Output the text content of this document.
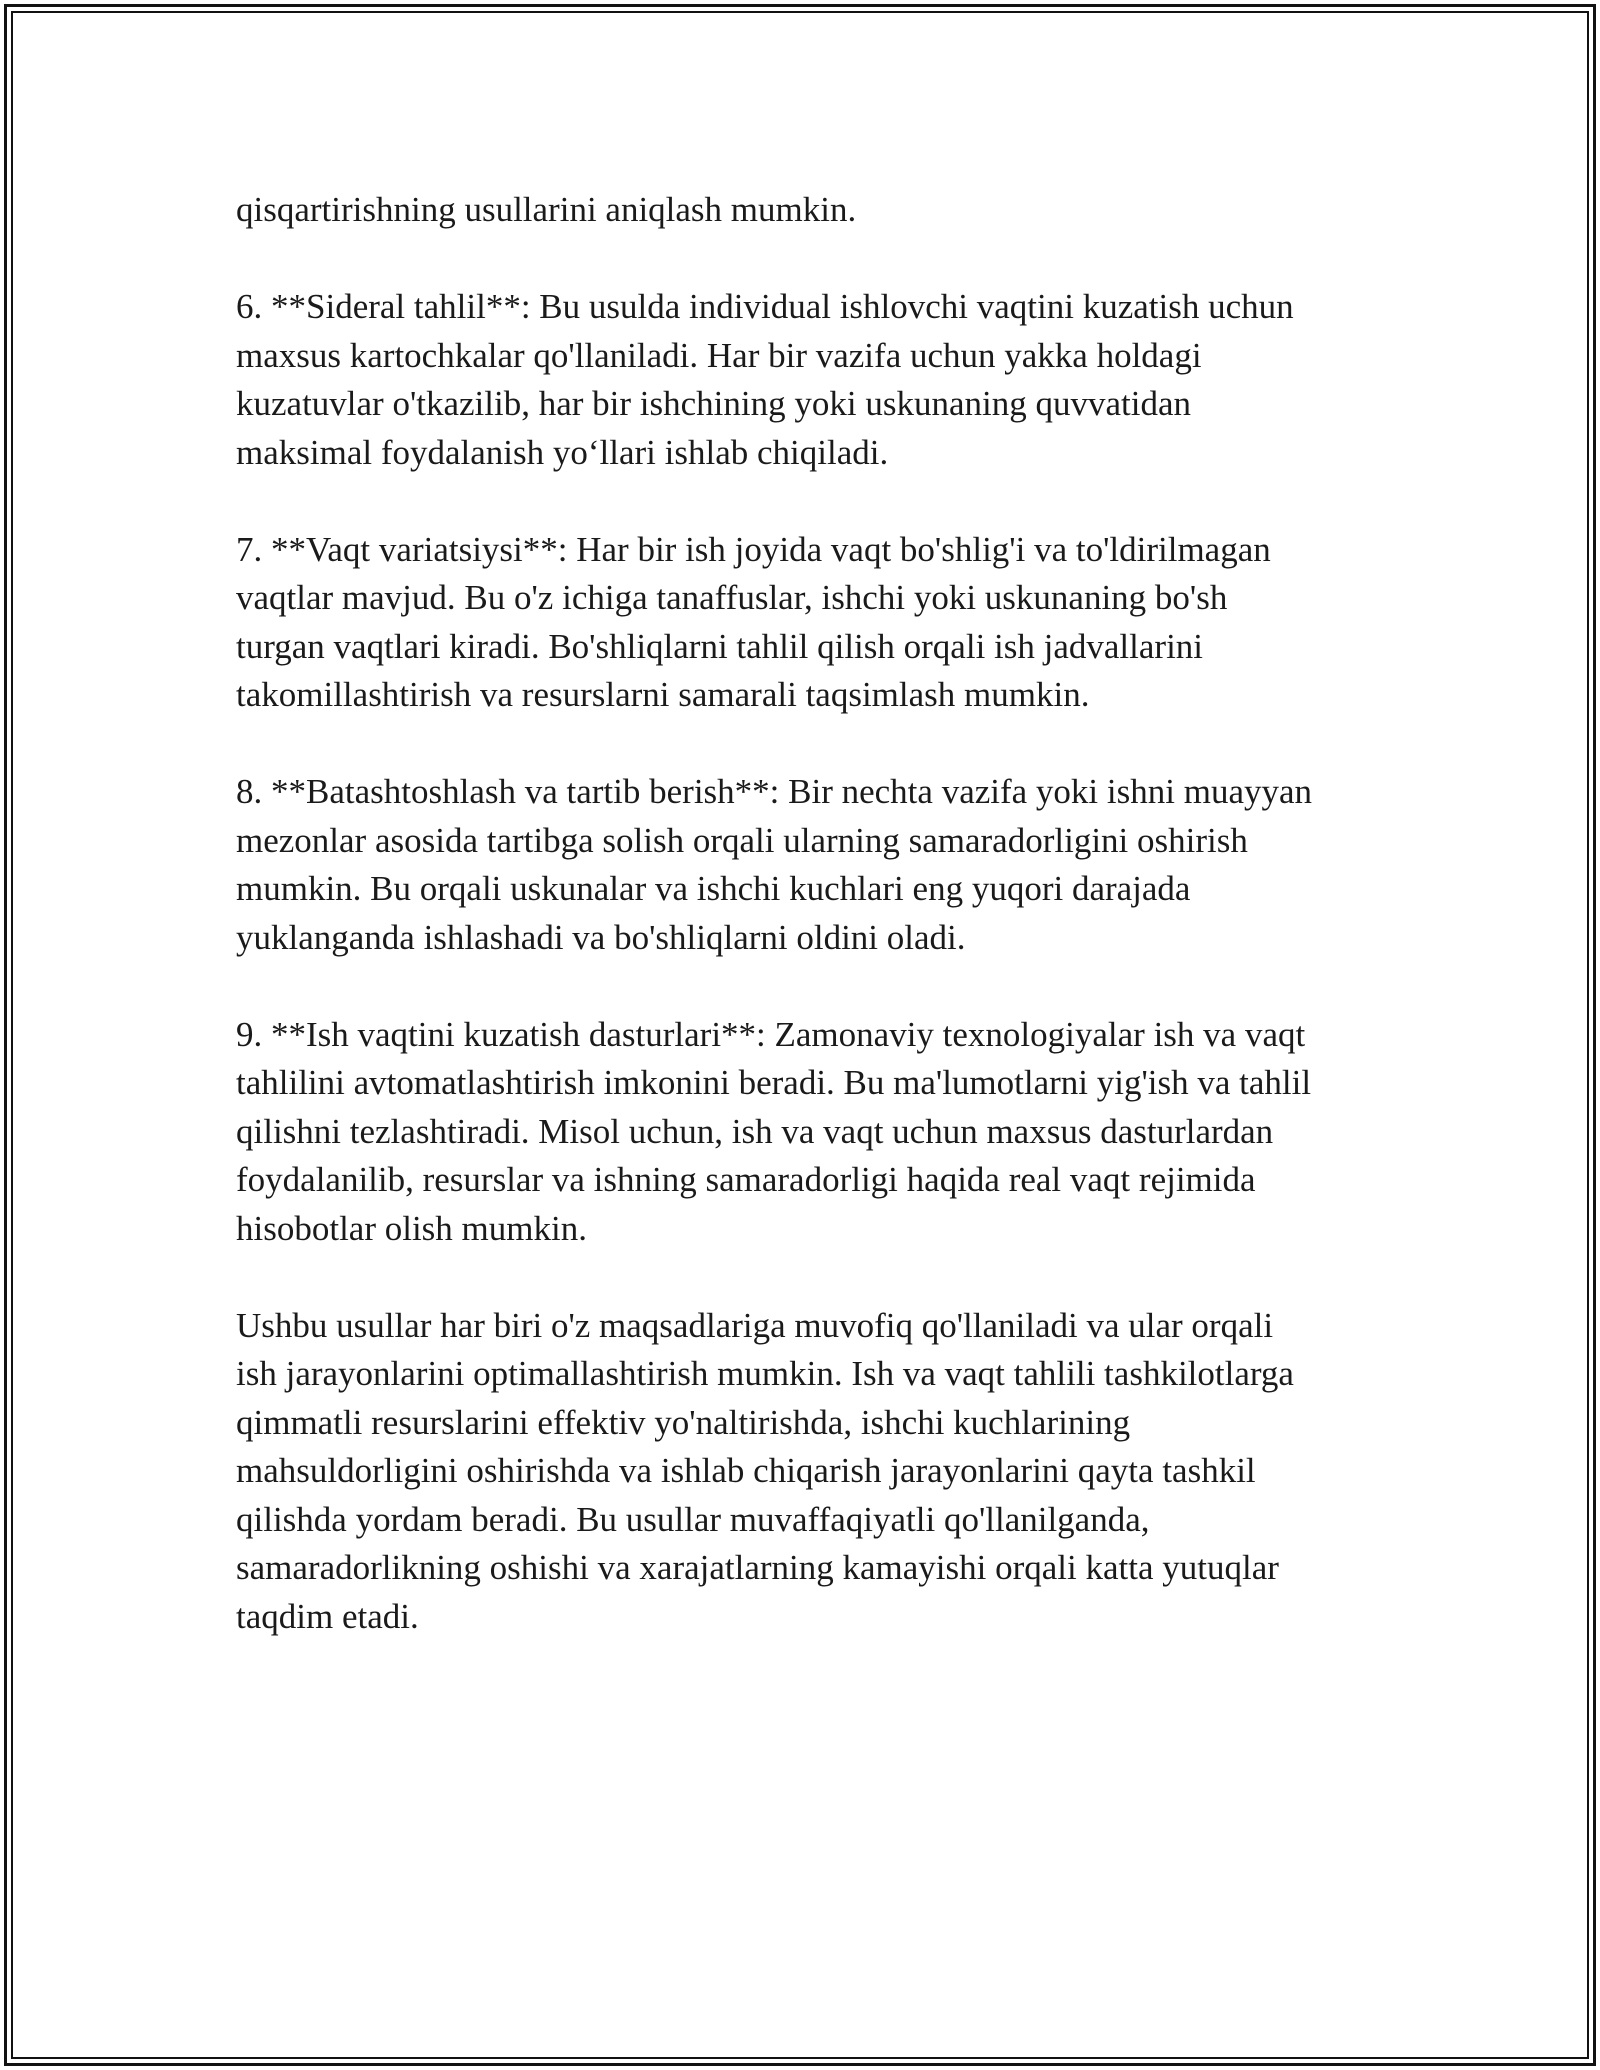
qisqartirishning usullarini aniqlash mumkin.

6. **Sideral tahlil**: Bu usulda individual ishlovchi vaqtini kuzatish uchun
maxsus kartochkalar qo'llaniladi. Har bir vazifa uchun yakka holdagi
kuzatuvlar o'tkazilib, har bir ishchining yoki uskunaning quvvatidan
maksimal foydalanish yo‘llari ishlab chiqiladi.

7. **Vaqt variatsiysi**: Har bir ish joyida vaqt bo'shlig'i va to'ldirilmagan
vaqtlar mavjud. Bu o'z ichiga tanaffuslar, ishchi yoki uskunaning bo'sh
turgan vaqtlari kiradi. Bo'shliqlarni tahlil qilish orqali ish jadvallarini
takomillashtirish va resurslarni samarali taqsimlash mumkin.

8. **Batashtoshlash va tartib berish**: Bir nechta vazifa yoki ishni muayyan
mezonlar asosida tartibga solish orqali ularning samaradorligini oshirish
mumkin. Bu orqali uskunalar va ishchi kuchlari eng yuqori darajada
yuklanganda ishlashadi va bo'shliqlarni oldini oladi.

9. **Ish vaqtini kuzatish dasturlari**: Zamonaviy texnologiyalar ish va vaqt
tahlilini avtomatlashtirish imkonini beradi. Bu ma'lumotlarni yig'ish va tahlil
qilishni tezlashtiradi. Misol uchun, ish va vaqt uchun maxsus dasturlardan
foydalanilib, resurslar va ishning samaradorligi haqida real vaqt rejimida
hisobotlar olish mumkin.

Ushbu usullar har biri o'z maqsadlariga muvofiq qo'llaniladi va ular orqali
ish jarayonlarini optimallashtirish mumkin. Ish va vaqt tahlili tashkilotlarga
qimmatli resurslarini effektiv yo'naltirishda, ishchi kuchlarining
mahsuldorligini oshirishda va ishlab chiqarish jarayonlarini qayta tashkil
qilishda yordam beradi. Bu usullar muvaffaqiyatli qo'llanilganda,
samaradorlikning oshishi va xarajatlarning kamayishi orqali katta yutuqlar
taqdim etadi.
